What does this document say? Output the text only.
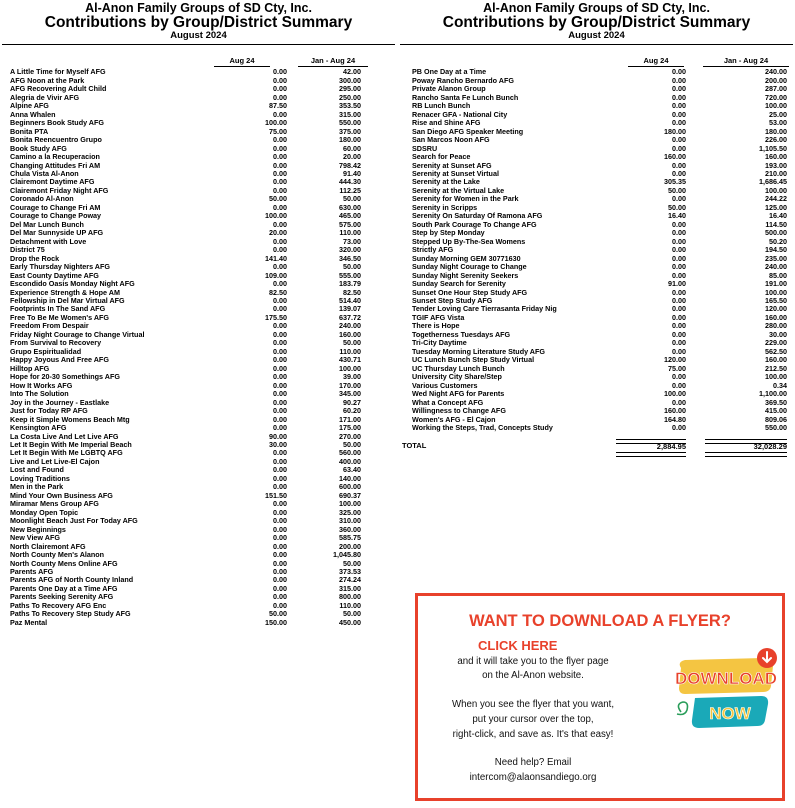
Al-Anon Family Groups of SD Cty, Inc.
Contributions by Group/District Summary
August 2024
Aug 24	Jan - Aug 24
A Little Time for Myself AFG	0.00	42.00
AFG Noon at the Park	0.00	300.00
AFG Recovering Adult Child	0.00	295.00
Alegria de Vivir AFG	0.00	250.00
Alpine AFG	87.50	353.50
Anna Whalen	0.00	315.00
Beginners Book Study AFG	100.00	550.00
Bonita PTA	75.00	375.00
Bonita Reencuentro Grupo	0.00	180.00
Book Study AFG	0.00	60.00
Camino a la Recuperacion	0.00	20.00
Changing Attitudes Fri AM	0.00	798.42
Chula Vista Al-Anon	0.00	91.40
Clairemont Daytime AFG	0.00	444.30
Clairemont Friday Night AFG	0.00	112.25
Coronado Al-Anon	50.00	50.00
Courage to Change Fri AM	0.00	630.00
Courage to Change Poway	100.00	465.00
Del Mar Lunch Bunch	0.00	575.00
Del Mar Sunnyside UP AFG	20.00	110.00
Detachment with Love	0.00	73.00
District 75	0.00	320.00
Drop the Rock	141.40	346.50
Early Thursday Nighters AFG	0.00	50.00
East County Daytime AFG	109.00	555.00
Escondido Oasis Monday Night AFG	0.00	183.79
Experience Strength & Hope AM	82.50	82.50
Fellowship in Del Mar Virtual AFG	0.00	514.40
Footprints In The Sand AFG	0.00	139.07
Free To Be Me Women's AFG	175.50	637.72
Freedom From Despair	0.00	240.00
Friday Night Courage to Change Virtual	0.00	160.00
From Survival to Recovery	0.00	50.00
Grupo Espiritualidad	0.00	110.00
Happy Joyous And Free AFG	0.00	430.71
Hilltop AFG	0.00	100.00
Hope for 20-30 Somethings AFG	0.00	39.00
How It Works AFG	0.00	170.00
Into The Solution	0.00	345.00
Joy in the Journey - Eastlake	0.00	90.27
Just for Today RP AFG	0.00	60.20
Keep it Simple Womens Beach Mtg	0.00	171.00
Kensington AFG	0.00	175.00
La Costa Live And Let Live AFG	90.00	270.00
Let It Begin With Me Imperial Beach	30.00	50.00
Let It Begin With Me LGBTQ AFG	0.00	560.00
Live and Let Live-El Cajon	0.00	400.00
Lost and Found	0.00	63.40
Loving Traditions	0.00	140.00
Men in the Park	0.00	600.00
Mind Your Own Business AFG	151.50	690.37
Miramar Mens Group AFG	0.00	100.00
Monday Open Topic	0.00	325.00
Moonlight Beach Just For Today AFG	0.00	310.00
New Beginnings	0.00	360.00
New View AFG	0.00	585.75
North Clairemont AFG	0.00	200.00
North County Men's Alanon	0.00	1,045.80
North County Mens Online AFG	0.00	50.00
Parents AFG	0.00	373.53
Parents AFG of North County Inland	0.00	274.24
Parents One Day at a Time AFG	0.00	315.00
Parents Seeking Serenity AFG	0.00	800.00
Paths To Recovery AFG Enc	0.00	110.00
Paths To Recovery Step Study AFG	50.00	50.00
Paz Mental	150.00	450.00
Al-Anon Family Groups of SD Cty, Inc.
Contributions by Group/District Summary
August 2024
Aug 24	Jan - Aug 24
PB One Day at a Time	0.00	240.00
Poway Rancho Bernardo AFG	0.00	200.00
Private Alanon Group	0.00	287.00
Rancho Santa Fe Lunch Bunch	0.00	720.00
RB Lunch Bunch	0.00	100.00
Renacer GFA - National City	0.00	25.00
Rise and Shine AFG	0.00	53.00
San Diego AFG Speaker Meeting	180.00	180.00
San Marcos Noon AFG	0.00	226.00
SDSRU	0.00	1,105.50
Search for Peace	160.00	160.00
Serenity at Sunset AFG	0.00	193.00
Serenity at Sunset Virtual	0.00	210.00
Serenity at the Lake	305.35	1,686.45
Serenity at the Virtual Lake	50.00	100.00
Serenity for Women in the Park	0.00	244.22
Serenity in Scripps	50.00	125.00
Serenity On Saturday Of Ramona AFG	16.40	16.40
South Park Courage To Change AFG	0.00	114.50
Step by Step Monday	0.00	500.00
Stepped Up By-The-Sea Womens	0.00	50.20
Strictly AFG	0.00	194.50
Sunday Morning GEM 30771630	0.00	235.00
Sunday Night Courage to Change	0.00	240.00
Sunday Night Serenity Seekers	0.00	85.00
Sunday Search for Serenity	91.00	191.00
Sunset One Hour Step Study AFG	0.00	100.00
Sunset Step Study AFG	0.00	165.50
Tender Loving Care Tierrasanta Friday Nig	0.00	120.00
TGIF AFG Vista	0.00	160.00
There is Hope	0.00	280.00
Togetherness Tuesdays AFG	0.00	30.00
Tri-City Daytime	0.00	229.00
Tuesday Morning Literature Study AFG	0.00	562.50
UC Lunch Bunch Step Study Virtual	120.00	160.00
UC Thursday Lunch Bunch	75.00	212.50
University City Share/Step	0.00	100.00
Various Customers	0.00	0.34
Wed Night AFG for Parents	100.00	1,100.00
What a Concept AFG	0.00	369.50
Willingness to Change AFG	160.00	415.00
Women's AFG - El Cajon	164.80	809.06
Working the Steps, Trad, Concepts Study	0.00	550.00
TOTAL	2,884.95	32,028.29
WANT TO DOWNLOAD A FLYER?
CLICK HERE
and it will take you to the flyer page
on the Al-Anon website.
When you see the flyer that you want,
put your cursor over the top,
right-click, and save as. It's that easy!
Need help? Email
intercom@alaonsandiego.org
DOWNLOAD
NOW
